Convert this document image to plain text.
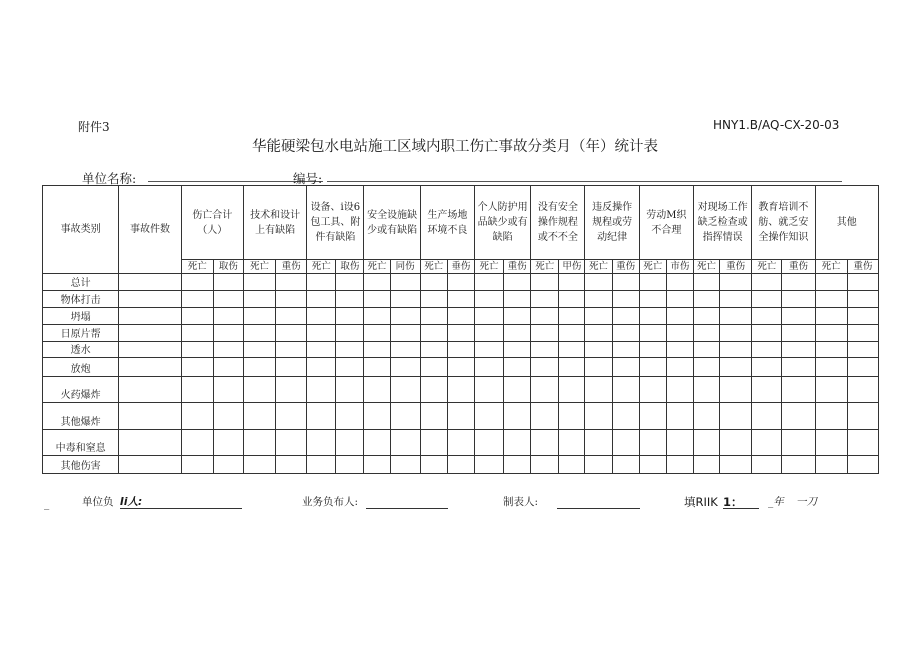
附件3	HNY1.B/AQ-CX-20-03
华能硬梁包水电站施工区域内职工伤亡事故分类月（年）统计表
单位名称:	编号:
事故类别	事故件数	伤亡合计（人）		技术和设计上有缺陷		设备、i设6包工具、附件有缺陷		安全设施缺少或有缺陷		生产场地环境不良		个人防护用品缺少或有缺陷		没有安全操作规程或不不全		违反操作规程或劳动纪律		劳动M织不合理		对现场工作缺乏检查或指挥情误		教育培训不舫、就乏安全操作知识		其他	
		死亡	取伤	死亡	重伤	死亡	取伤	死亡	同伤	死亡	垂伤	死亡	重伤	死亡	甲伤	死亡	重伤	死亡	市伤	死亡	重伤	死亡	重伤	死亡	重伤
总计																									
物体打击																									
坍塌																									
日原片帮																									
透水																									
放炮																									
火药爆炸																									
其他爆炸																									
中毒和窒息																									
其他伤害																									
_	单位负 Ii人:	业务负布人:	制表人:	填RIIK 1： _年 一刀
